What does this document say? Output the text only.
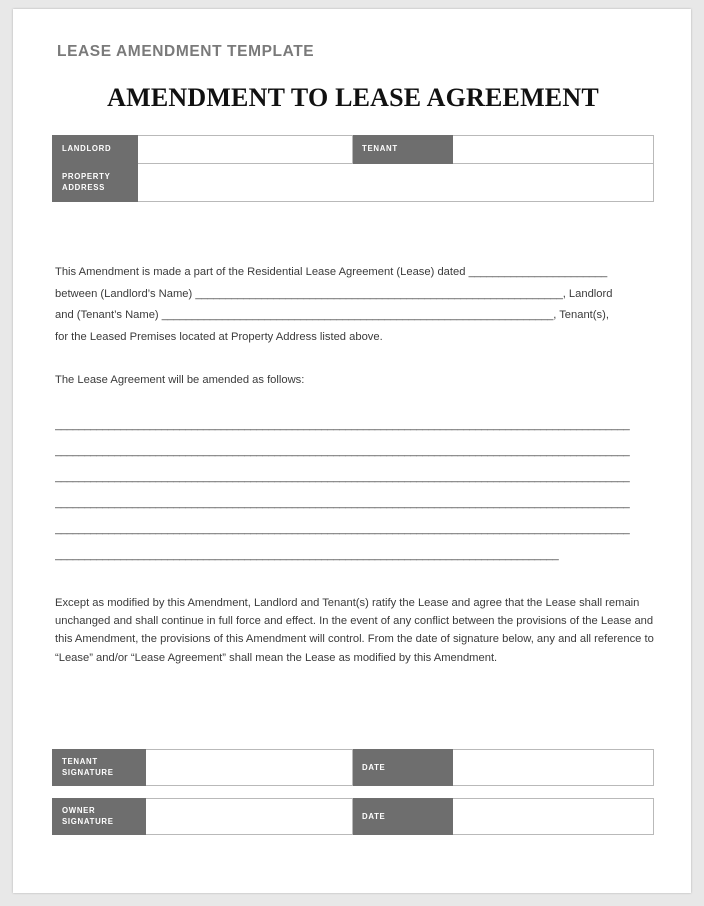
LEASE AMENDMENT TEMPLATE
AMENDMENT TO LEASE AGREEMENT
LANDLORD		TENANT	
PROPERTY
ADDRESS			

This Amendment is made a part of the Residential Lease Agreement (Lease) dated _______________________

between (Landlord’s Name) _____________________________________________________________, Landlord

and (Tenant’s Name) _________________________________________________________________, Tenant(s),

for the Leased Premises located at Property Address listed above.

The Lease Agreement will be amended as follows:

_________________________________________________________________________________________________
_________________________________________________________________________________________________
_________________________________________________________________________________________________
_________________________________________________________________________________________________
_________________________________________________________________________________________________
_____________________________________________________________________________________
Except as modified by this Amendment, Landlord and Tenant(s) ratify the Lease and agree that the Lease shall remain unchanged and shall continue in full force and effect. In the event of any conflict between the provisions of the Lease and this Amendment, the provisions of this Amendment will control. From the date of signature below, any and all reference to “Lease” and/or “Lease Agreement” shall mean the Lease as modified by this Amendment.
TENANT
SIGNATURE		DATE	

OWNER
SIGNATURE		DATE	
